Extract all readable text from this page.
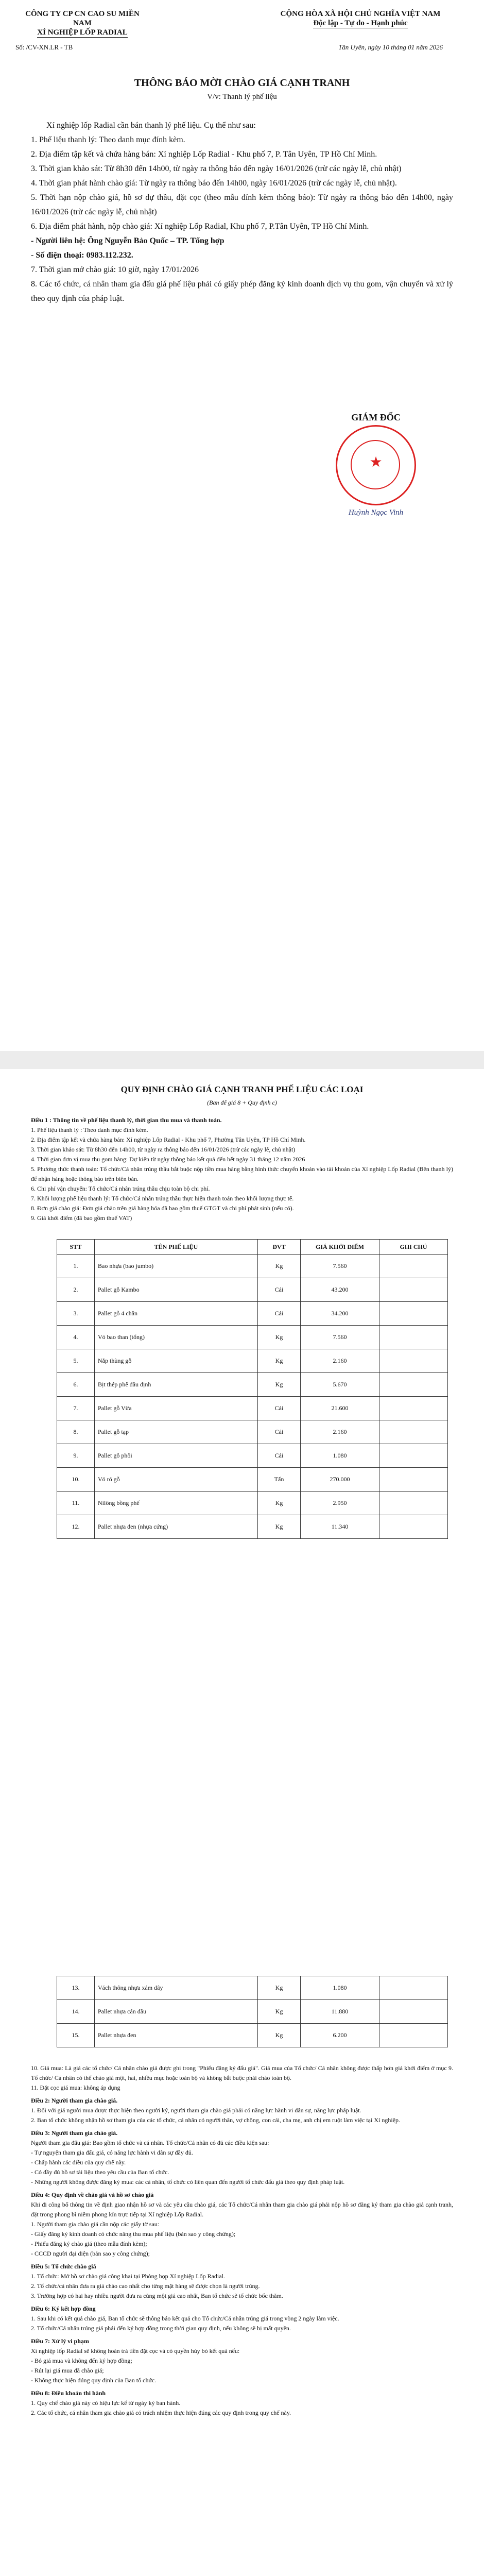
CÔNG TY CP CN CAO SU MIỀN NAM
XÍ NGHIỆP LỐP RADIAL
CỘNG HÒA XÃ HỘI CHỦ NGHĨA VIỆT NAM
Độc lập - Tự do - Hạnh phúc
Số: /CV-XN.LR - TB	Tân Uyên, ngày 10 tháng 01 năm 2026
THÔNG BÁO MỜI CHÀO GIÁ CẠNH TRANH
V/v: Thanh lý phế liệu

Xí nghiệp lốp Radial cần bán thanh lý phế liệu. Cụ thể như sau:

1. Phế liệu thanh lý: Theo danh mục đính kèm.

2. Địa điểm tập kết và chứa hàng bán: Xí nghiệp Lốp Radial - Khu phố 7, P. Tân Uyên, TP Hồ Chí Minh.

3. Thời gian khảo sát: Từ 8h30 đến 14h00, từ ngày ra thông báo đến ngày 16/01/2026 (trừ các ngày lễ, chủ nhật)

4. Thời gian phát hành chào giá: Từ ngày ra thông báo đến 14h00, ngày 16/01/2026 (trừ các ngày lễ, chủ nhật).

5. Thời hạn nộp chào giá, hồ sơ dự thầu, đặt cọc (theo mẫu đính kèm thông báo): Từ ngày ra thông báo đến 14h00, ngày 16/01/2026 (trừ các ngày lễ, chủ nhật)

6. Địa điểm phát hành, nộp chào giá: Xí nghiệp Lốp Radial, Khu phố 7, P.Tân Uyên, TP Hồ Chí Minh.

- Người liên hệ: Ông Nguyễn Bảo Quốc – TP. Tổng hợp

- Số điện thoại: 0983.112.232.

7. Thời gian mở chào giá: 10 giờ, ngày 17/01/2026

8. Các tổ chức, cá nhân tham gia đấu giá phế liệu phải có giấy phép đăng ký kinh doanh dịch vụ thu gom, vận chuyển và xử lý theo quy định của pháp luật.

GIÁM ĐỐC
★
Huỳnh Ngọc Vinh
QUY ĐỊNH CHÀO GIÁ CẠNH TRANH PHẾ LIỆU CÁC LOẠI
(Ban để giá 8 + Quy định c)

Điều 1 : Thông tin về phế liệu thanh lý, thời gian thu mua và thanh toán.

1. Phế liệu thanh lý : Theo danh mục đính kèm.

2. Địa điểm tập kết và chứa hàng bán: Xí nghiệp Lốp Radial - Khu phố 7, Phường Tân Uyên, TP Hồ Chí Minh.

3. Thời gian khảo sát: Từ 8h30 đến 14h00, từ ngày ra thông báo đến 16/01/2026 (trừ các ngày lễ, chủ nhật)

4. Thời gian đơn vị mua thu gom hàng: Dự kiến từ ngày thông báo kết quả đến hết ngày 31 tháng 12 năm 2026

5. Phương thức thanh toán: Tổ chức/Cá nhân trúng thầu bắt buộc nộp tiền mua hàng bằng hình thức chuyển khoản vào tài khoản của Xí nghiệp Lốp Radial (Bên thanh lý) để nhận hàng hoặc thông báo trên biên bản.

6. Chi phí vận chuyển: Tổ chức/Cá nhân trúng thầu chịu toàn bộ chi phí.

7. Khối lượng phế liệu thanh lý: Tổ chức/Cá nhân trúng thầu thực hiện thanh toán theo khối lượng thực tế.

8. Đơn giá chào giá: Đơn giá chào trên giá hàng hóa đã bao gồm thuế GTGT và chi phí phát sinh (nếu có).

9. Giá khởi điểm (đã bao gồm thuế VAT)

STT	TÊN PHẾ LIỆU	ĐVT	GIÁ KHỞI ĐIỂM	GHI CHÚ
1.	Bao nhựa (bao jumbo)	Kg	7.560	
2.	Pallet gỗ Kambo	Cái	43.200	
3.	Pallet gỗ 4 chân	Cái	34.200	
4.	Vỏ bao than (tổng)	Kg	7.560	
5.	Nắp thùng gỗ	Kg	2.160	
6.	Bịt thép phế đầu định	Kg	5.670	
7.	Pallet gỗ Vừa	Cái	21.600	
8.	Pallet gỗ tạp	Cái	2.160	
9.	Pallet gỗ phôi	Cái	1.080	
10.	Vỏ ró gỗ	Tấn	270.000	
11.	Nilông bồng phế	Kg	2.950	
12.	Pallet nhựa đen (nhựa cứng)	Kg	11.340	
13.	Vách thông nhựa xám dây	Kg	1.080	
14.	Pallet nhựa cán dầu	Kg	11.880	
15.	Pallet nhựa đen	Kg	6.200	

10. Giá mua: Là giá các tổ chức/ Cá nhân chào giá được ghi trong "Phiếu đăng ký đấu giá". Giá mua của Tổ chức/ Cá nhân không được thấp hơn giá khởi điểm ở mục 9. Tổ chức/ Cá nhân có thể chào giá một, hai, nhiều mục hoặc toàn bộ và không bắt buộc phải chào toàn bộ.

11. Đặt cọc giá mua: không áp dụng

Điều 2: Người tham gia chào giá.

1. Đối với giá người mua được thực hiện theo người ký, người tham gia chào giá phải có năng lực hành vi dân sự, năng lực pháp luật.

2. Ban tổ chức không nhận hồ sơ tham gia của các tổ chức, cá nhân có người thân, vợ chồng, con cái, cha mẹ, anh chị em ruột làm việc tại Xí nghiệp.

Điều 3: Người tham gia chào giá.

Người tham gia đấu giá: Bao gồm tổ chức và cá nhân. Tổ chức/Cá nhân có đủ các điều kiện sau:

- Tự nguyện tham gia đấu giá, có năng lực hành vi dân sự đầy đủ.

- Chấp hành các điều của quy chế này.

- Có đầy đủ hồ sơ tài liệu theo yêu cầu của Ban tổ chức.

- Những người không được đăng ký mua: các cá nhân, tổ chức có liên quan đến người tổ chức đấu giá theo quy định pháp luật.

Điều 4: Quy định về chào giá và hồ sơ chào giá

Khi đi công bố thông tin về định giao nhận hồ sơ và các yêu cầu chào giá, các Tổ chức/Cá nhân tham gia chào giá phải nộp hồ sơ đăng ký tham gia chào giá cạnh tranh, đặt trong phong bì niêm phong kín trực tiếp tại Xí nghiệp Lốp Radial.

1. Người tham gia chào giá cần nộp các giấy tờ sau:

- Giấy đăng ký kinh doanh có chức năng thu mua phế liệu (bản sao y công chứng);

- Phiếu đăng ký chào giá (theo mẫu đính kèm);

- CCCD người đại diện (bản sao y công chứng);

Điều 5: Tổ chức chào giá

1. Tổ chức: Mở hồ sơ chào giá công khai tại Phòng họp Xí nghiệp Lốp Radial.

2. Tổ chức/cá nhân đưa ra giá chào cao nhất cho từng mặt hàng sẽ được chọn là người trúng.

3. Trường hợp có hai hay nhiều người đưa ra cùng một giá cao nhất, Ban tổ chức sẽ tổ chức bốc thăm.

Điều 6: Ký kết hợp đồng

1. Sau khi có kết quả chào giá, Ban tổ chức sẽ thông báo kết quả cho Tổ chức/Cá nhân trúng giá trong vòng 2 ngày làm việc.

2. Tổ chức/Cá nhân trúng giá phải đến ký hợp đồng trong thời gian quy định, nếu không sẽ bị mất quyền.

Điều 7: Xử lý vi phạm

Xí nghiệp lốp Radial sẽ không hoàn trả tiền đặt cọc và có quyền hủy bỏ kết quả nếu:

- Bỏ giá mua và không đến ký hợp đồng;

- Rút lại giá mua đã chào giá;

- Không thực hiện đúng quy định của Ban tổ chức.

Điều 8: Điều khoản thi hành

1. Quy chế chào giá này có hiệu lực kể từ ngày ký ban hành.

2. Các tổ chức, cá nhân tham gia chào giá có trách nhiệm thực hiện đúng các quy định trong quy chế này.
